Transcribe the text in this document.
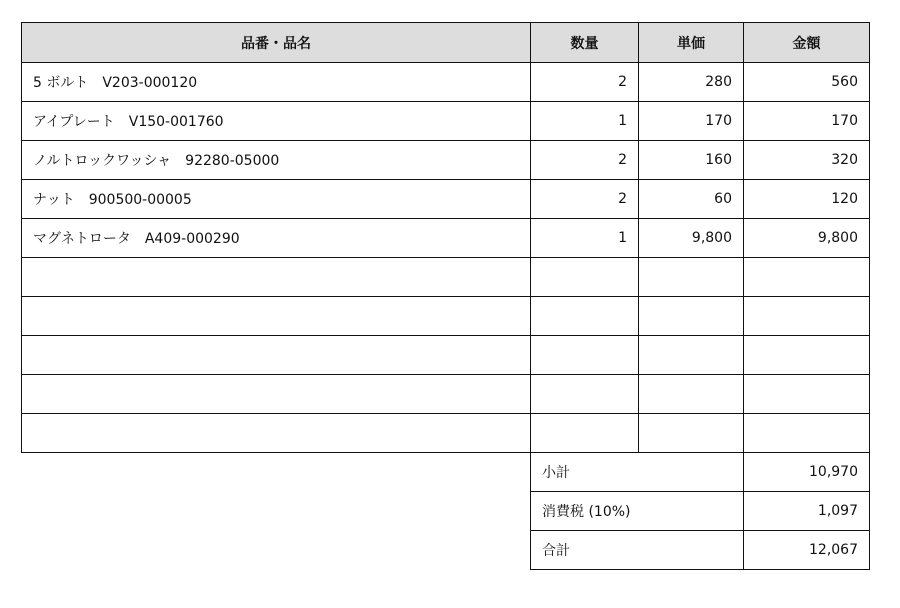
品番・品名	数量	単価	金額
5 ボルト　V203-000120	2	280	560
アイプレート　V150-001760	1	170	170
ノルトロックワッシャ　92280-05000	2	160	320
ナット　900500-00005	2	60	120
マグネトロータ　A409-000290	1	9,800	9,800

	小計		10,970
	消費税 (10%)		1,097
	合計		12,067
